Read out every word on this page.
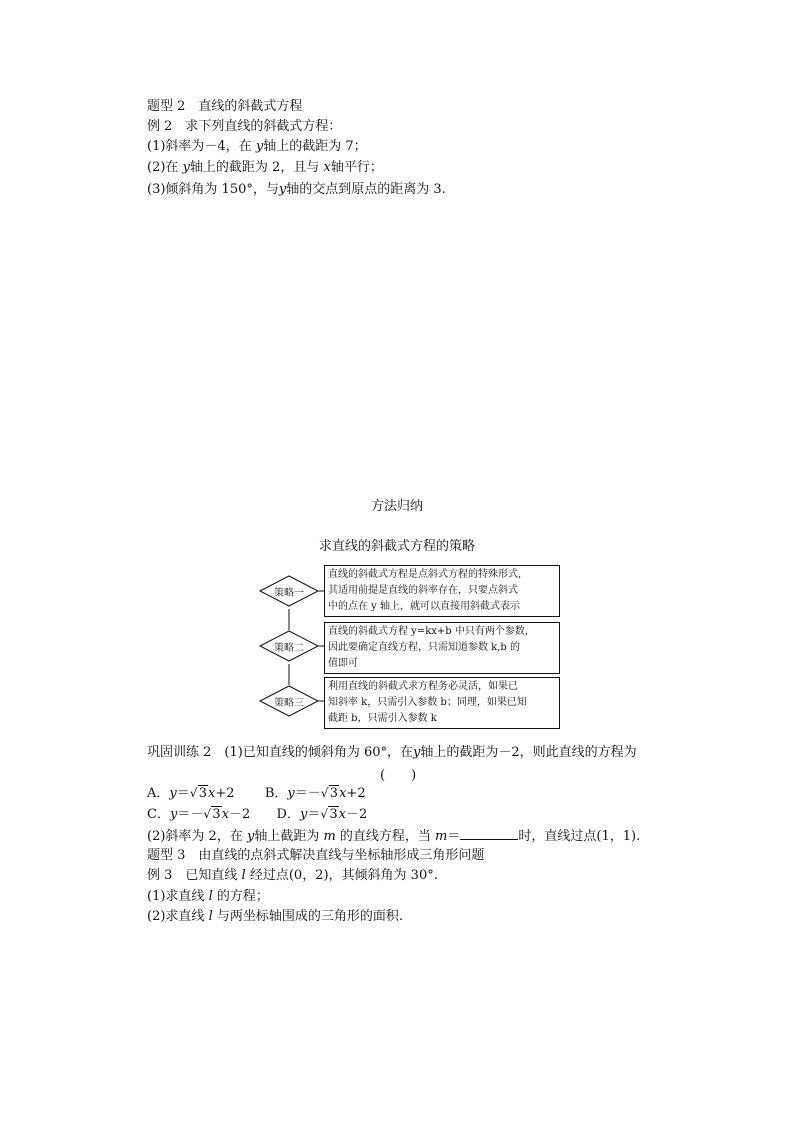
题型 2　直线的斜截式方程
例 2　求下列直线的斜截式方程：
(1)斜率为－4，在 y轴上的截距为 7；
(2)在 y轴上的截距为 2，且与 x轴平行；
(3)倾斜角为 150°，与y轴的交点到原点的距离为 3.
方法归纳
求直线的斜截式方程的策略
策略一
策略二
策略三
直线的斜截式方程是点斜式方程的特殊形式,
其适用前提是直线的斜率存在，只要点斜式
中的点在 y 轴上，就可以直接用斜截式表示
直线的斜截式方程 y=kx+b 中只有两个参数，
因此要确定直线方程，只需知道参数 k,b 的
值即可
利用直线的斜截式求方程务必灵活，如果已
知斜率 k，只需引入参数 b；同理，如果已知
截距 b，只需引入参数 k
巩固训练 2　(1)已知直线的倾斜角为 60°，在y轴上的截距为－2，则此直线的方程为
(　　)
A．y＝ √ 3x+2 B．y＝－ √ 3x+2
C．y＝－ √ 3x－2 D．y＝ √ 3x－2
(2)斜率为 2，在 y轴上截距为 m 的直线方程，当 m＝	时，直线过点(1，1).
题型 3　由直线的点斜式解决直线与坐标轴形成三角形问题
例 3　已知直线 l 经过点(0，2)，其倾斜角为 30°.
(1)求直线 l 的方程；
(2)求直线 l 与两坐标轴围成的三角形的面积.
